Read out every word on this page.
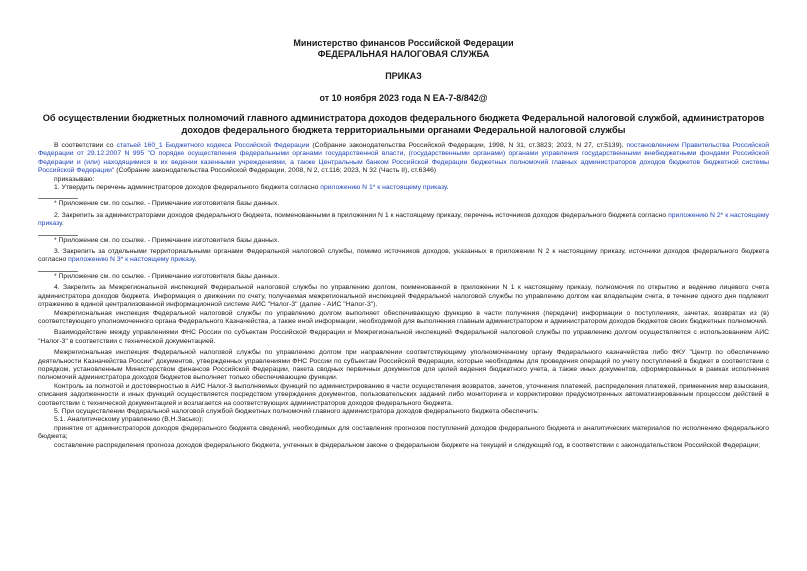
Министерство финансов Российской Федерации
ФЕДЕРАЛЬНАЯ НАЛОГОВАЯ СЛУЖБА
ПРИКАЗ
от 10 ноября 2023 года N ЕА-7-8/842@
Об осуществлении бюджетных полномочий главного администратора доходов федерального бюджета Федеральной налоговой службой, администраторов доходов федерального бюджета территориальными органами Федеральной налоговой службы

В соответствии со статьей 160_1 Бюджетного кодекса Российской Федерации (Собрание законодательства Российской Федерации, 1998, N 31, ст.3823; 2023, N 27, ст.5139), постановлением Правительства Российской Федерации от 29.12.2007 N 995 "О порядке осуществления федеральными органами государственной власти, (государственными органами) органами управления государственными внебюджетными фондами Российской Федерации и (или) находящимися в их ведении казенными учреждениями, а также Центральным банком Российской Федерации бюджетных полномочий главных администраторов доходов бюджетов бюджетной системы Российской Федерации" (Собрание законодательства Российской Федерации, 2008, N 2, ст.116; 2023, N 32 (Часть II), ст.6346)

приказываю:

1. Утвердить перечень администраторов доходов федерального бюджета согласно приложению N 1* к настоящему приказу.

* Приложение см. по ссылке. - Примечание изготовителя базы данных.

2. Закрепить за администраторами доходов федерального бюджета, поименованными в приложении N 1 к настоящему приказу, перечень источников доходов федерального бюджета согласно приложению N 2* к настоящему приказу.

* Приложение см. по ссылке. - Примечание изготовителя базы данных.

3. Закрепить за отдельными территориальными органами Федеральной налоговой службы, помимо источников доходов, указанных в приложении N 2 к настоящему приказу, источники доходов федерального бюджета согласно приложению N 3* к настоящему приказу.

* Приложение см. по ссылке. - Примечание изготовителя базы данных.

4. Закрепить за Межрегиональной инспекцией Федеральной налоговой службы по управлению долгом, поименованной в приложении N 1 к настоящему приказу, полномочия по открытию и ведению лицевого счета администратора доходов бюджета. Информация о движении по счету, получаемая межрегиональной инспекцией Федеральной налоговой службы по управлению долгом как владельцем счета, в течение одного дня подлежит отражению в единой централизованной информационной системе АИС "Налог-3" (далее - АИС "Налог-3").

Межрегиональная инспекция Федеральной налоговой службы по управлению долгом выполняет обеспечивающую функцию в части получения (передачи) информации о поступлениях, зачетах, возвратах из (в) соответствующего уполномоченного органа Федерального Казначейства, а также иной информации, необходимой для выполнения главным администратором и администратором доходов бюджетов своих бюджетных полномочий.

Взаимодействие между управлениями ФНС России по субъектам Российской Федерации и Межрегиональной инспекцией Федеральной налоговой службы по управлению долгом осуществляется с использованием АИС "Налог-3" в соответствии с технической документацией.

Межрегиональная инспекция Федеральной налоговой службы по управлению долгом при направлении соответствующему уполномоченному органу Федерального казначейства либо ФКУ "Центр по обеспечению деятельности Казначейства России" документов, утвержденных управлениями ФНС России по субъектам Российской Федерации, которые необходимы для проведения операций по учету поступлений в бюджет в соответствии с порядком, установленным Министерством финансов Российской Федерации, пакета сводных первичных документов для целей ведения бюджетного учета, а также иных документов, сформированных в рамках исполнения полномочий администратора доходов бюджетов выполняет только обеспечивающие функции.

Контроль за полнотой и достоверностью в АИС Налог-3 выполняемых функций по администрированию в части осуществления возвратов, зачетов, уточнения платежей, распределения платежей, применения мер взыскания, списания задолженности и иных функций осуществляется посредством утверждения документов, пользовательских заданий либо мониторинга и корректировки предусмотренных автоматизированным процессом действий в соответствии с технической документацией и возлагается на соответствующих администраторов доходов федерального бюджета.

5. При осуществлении Федеральной налоговой службой бюджетных полномочий главного администратора доходов федерального бюджета обеспечить:

5.1. Аналитическому управлению (В.Н.Засько):

принятие от администраторов доходов федерального бюджета сведений, необходимых для составления прогнозов поступлений доходов федерального бюджета и аналитических материалов по исполнению федерального бюджета;

составление распределения прогноза доходов федерального бюджета, учтенных в федеральном законе о федеральном бюджете на текущий и следующий год, в соответствии с законодательством Российской Федерации;
